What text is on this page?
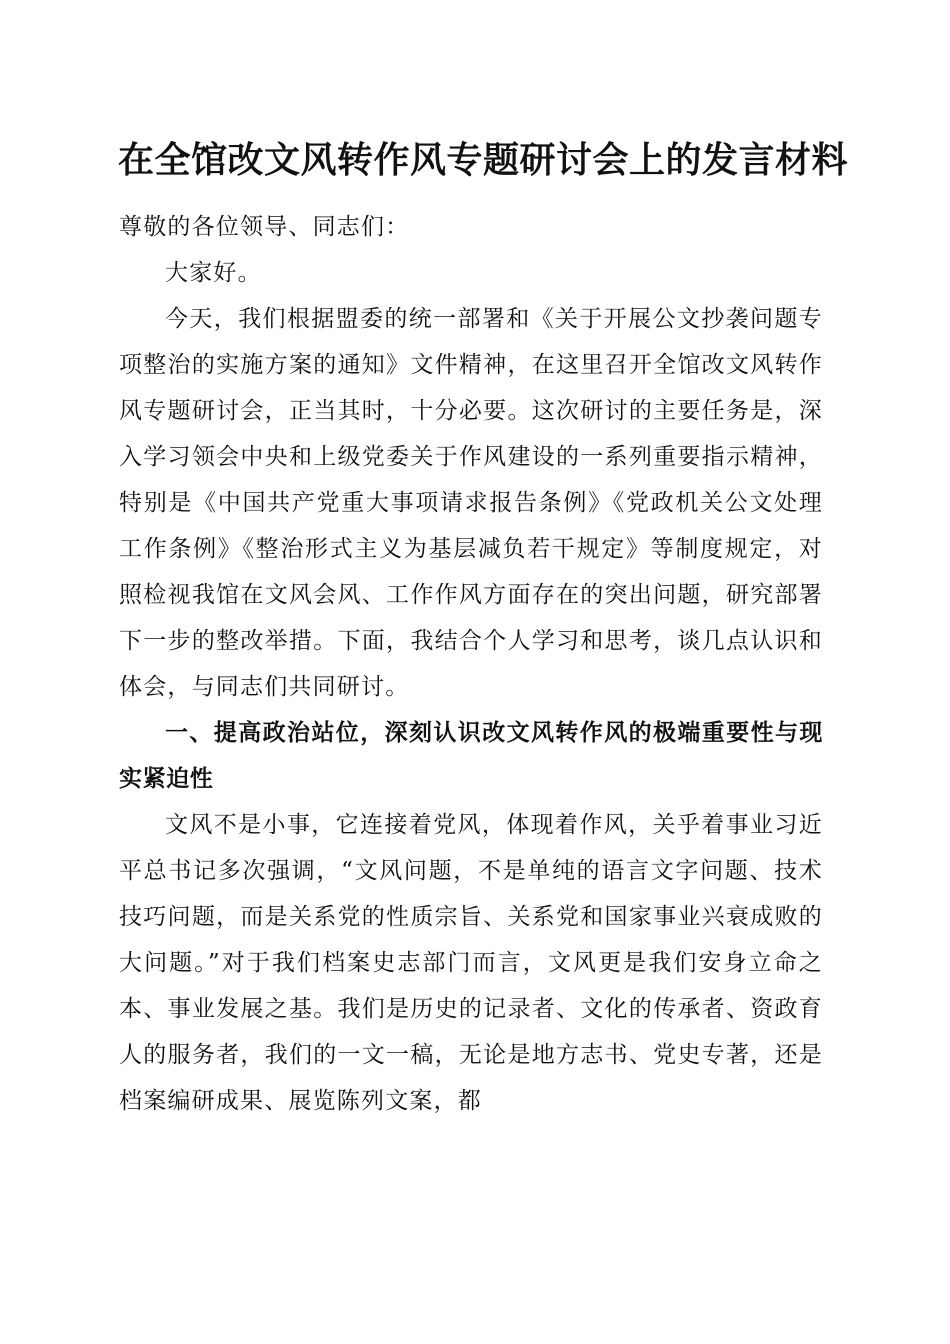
在全馆改文风转作风专题研讨会上的发言材料

尊敬的各位领导、同志们：

大家好。

今天，我们根据盟委的统一部署和《关于开展公文抄袭问题专项整治的实施方案的通知》文件精神，在这里召开全馆改文风转作风专题研讨会，正当其时，十分必要。这次研讨的主要任务是，深入学习领会中央和上级党委关于作风建设的一系列重要指示精神，特别是《中国共产党重大事项请求报告条例》《党政机关公文处理工作条例》《整治形式主义为基层减负若干规定》等制度规定，对照检视我馆在文风会风、工作作风方面存在的突出问题，研究部署下一步的整改举措。下面，我结合个人学习和思考，谈几点认识和体会，与同志们共同研讨。

一、提高政治站位，深刻认识改文风转作风的极端重要性与现实紧迫性

文风不是小事，它连接着党风，体现着作风，关乎着事业习近平总书记多次强调，“文风问题，不是单纯的语言文字问题、技术技巧问题，而是关系党的性质宗旨、关系党和国家事业兴衰成败的大问题。”对于我们档案史志部门而言，文风更是我们安身立命之本、事业发展之基。我们是历史的记录者、文化的传承者、资政育人的服务者，我们的一文一稿，无论是地方志书、党史专著，还是档案编研成果、展览陈列文案，都
